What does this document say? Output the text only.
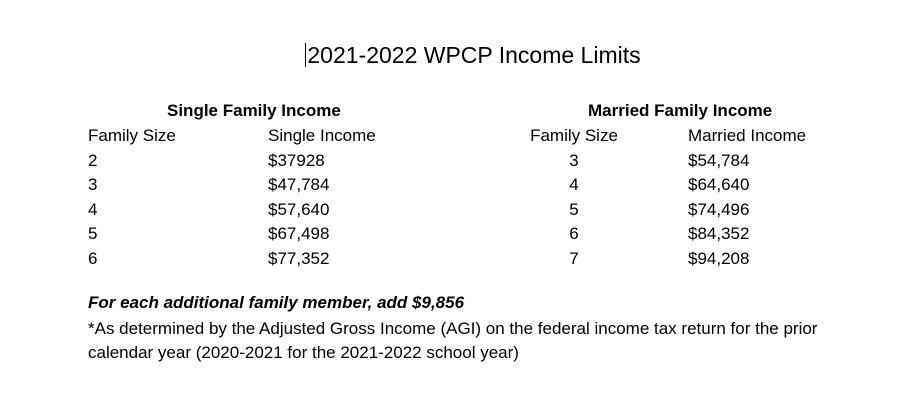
2021-2022 WPCP Income Limits
Single Family Income
Family Size
2
3
4
5
6
Single Income
$37928
$47,784
$57,640
$67,498
$77,352
Married Family Income
Family Size
3
4
5
6
7
Married Income
$54,784
$64,640
$74,496
$84,352
$94,208
For each additional family member, add $9,856
*As determined by the Adjusted Gross Income (AGI) on the federal income tax return for the prior calendar year (2020-2021 for the 2021-2022 school year)
